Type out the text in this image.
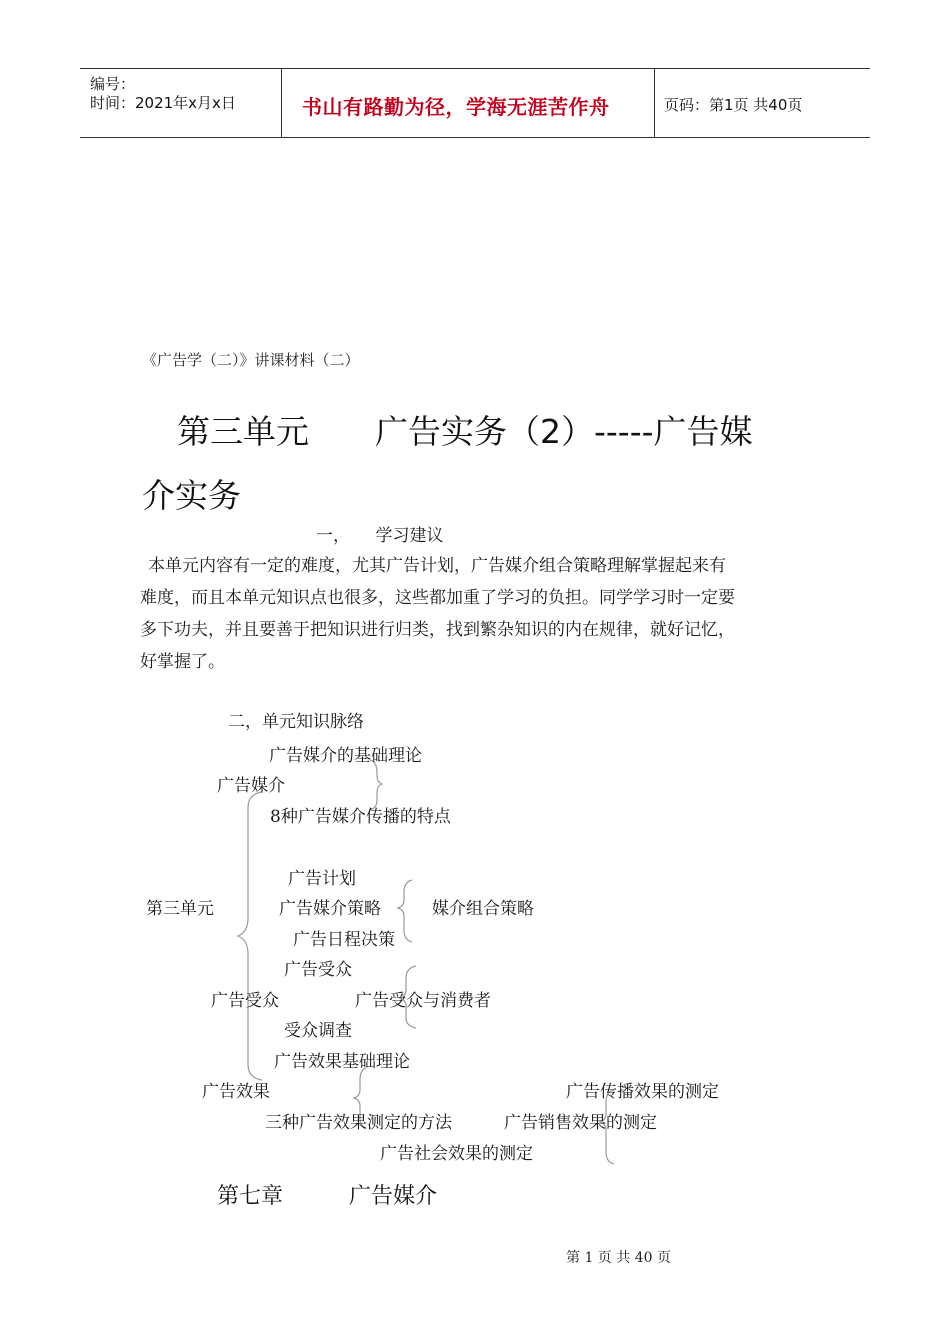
编号：
时间：2021年x月x日	书山有路勤为径，学海无涯苦作舟	页码：第1页 共40页
《广告学（二）》讲课材料（二）
第三单元　　广告实务（2）-----广告媒
介实务
一，　　学习建议
本单元内容有一定的难度，尤其广告计划，广告媒介组合策略理解掌握起来有
难度，而且本单元知识点也很多，这些都加重了学习的负担。同学学习时一定要
多下功夫，并且要善于把知识进行归类，找到繁杂知识的内在规律，就好记忆，
好掌握了。
二，单元知识脉络
广告媒介的基础理论
广告媒介
8种广告媒介传播的特点
广告计划
第三单元	广告媒介策略	媒介组合策略
广告日程决策
广告受众
广告受众	广告受众与消费者
受众调查
广告效果基础理论
广告效果	广告传播效果的测定
三种广告效果测定的方法	广告销售效果的测定
广告社会效果的测定
第七章　　　广告媒介
第 1 页 共 40 页
